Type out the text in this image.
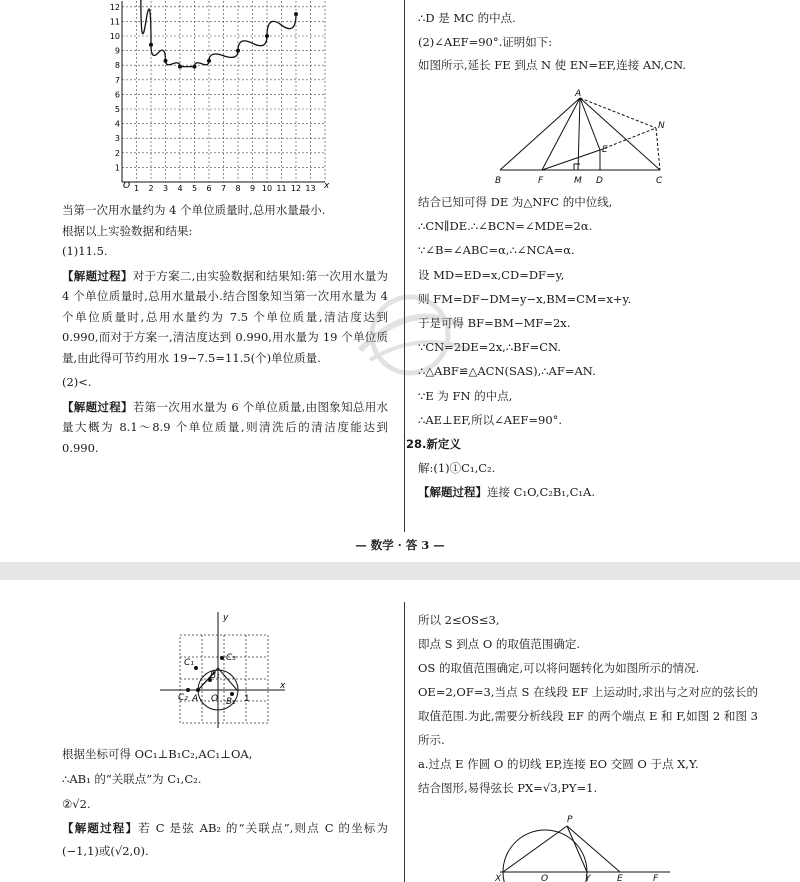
12
11
10
9
8
7
6
5
4
3
2
1
1 2 3 4 5 6 7 8 9 10 11 12 13
O	x

当第一次用水量约为 4 个单位质量时,总用水量最小.

根据以上实验数据和结果:

(1)11.5.

【解题过程】对于方案二,由实验数据和结果知:第一次用水量为 4 个单位质量时,总用水量最小.结合图象知当第一次用水量为 4 个单位质量时,总用水量约为 7.5 个单位质量,清洁度达到 0.990,而对于方案一,清洁度达到 0.990,用水量为 19 个单位质量,由此得可节约用水 19−7.5=11.5(个)单位质量.

(2)<.

【解题过程】若第一次用水量为 6 个单位质量,由图象知总用水量大概为 8.1～8.9 个单位质量,则清洗后的清洁度能达到 0.990.

∴D 是 MC 的中点.

(2)∠AEF=90°.证明如下:

如图所示,延长 FE 到点 N 使 EN=EF,连接 AN,CN.

A
N
E
B	F	M D	C

结合已知可得 DE 为△NFC 的中位线,

∴CN∥DE.∴∠BCN=∠MDE=2α.

∵∠B=∠ABC=α,∴∠NCA=α.

设 MD=ED=x,CD=DF=y,

则 FM=DF−DM=y−x,BM=CM=x+y.

于是可得 BF=BM−MF=2x.

∵CN=2DE=2x,∴BF=CN.

∴△ABF≌△ACN(SAS),∴AF=AN.

∵E 为 FN 的中点,

∴AE⊥EF,所以∠AEF=90°.

28.新定义

解:(1)①C₁,C₂.

【解题过程】连接 C₁O,C₂B₁,C₁A.

— 数学 · 答 3 —
y
x
C₁	C₃
B₁
C₂ A O B₂ 1

根据坐标可得 OC₁⊥B₁C₂,AC₁⊥OA,

∴AB₁ 的“关联点”为 C₁,C₂.

②√2.

【解题过程】若 C 是弦 AB₂ 的“关联点”,则点 C 的坐标为(−1,1)或(√2,0).

所以 2≤OS≤3,

即点 S 到点 O 的取值范围确定.

OS 的取值范围确定,可以将问题转化为如图所示的情况.

OE=2,OF=3,当点 S 在线段 EF 上运动时,求出与之对应的弦长的取值范围.为此,需要分析线段 EF 的两个端点 E 和 F,如图 2 和图 3 所示.

a.过点 E 作圆 O 的切线 EP,连接 EO 交圆 O 于点 X,Y.

结合图形,易得弦长 PX=√3,PY=1.

P
X	O	Y	E	F
